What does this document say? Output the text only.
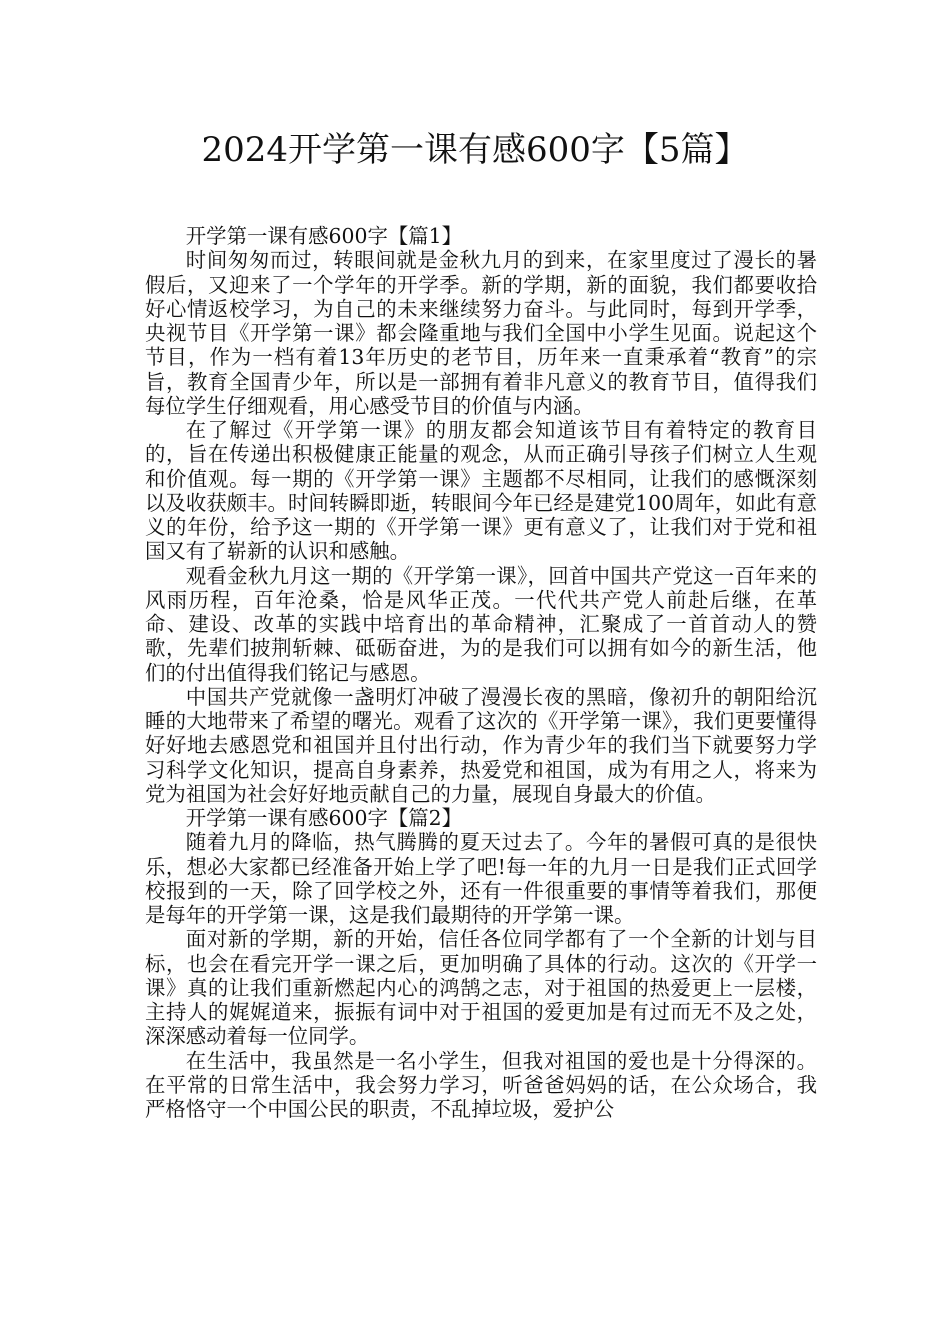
2024开学第一课有感600字【5篇】

开学第一课有感600字【篇1】

时间匆匆而过，转眼间就是金秋九月的到来，在家里度过了漫长的暑假后，又迎来了一个学年的开学季。新的学期，新的面貌，我们都要收拾好心情返校学习，为自己的未来继续努力奋斗。与此同时，每到开学季，央视节目《开学第一课》都会隆重地与我们全国中小学生见面。说起这个节目，作为一档有着13年历史的老节目，历年来一直秉承着“教育”的宗旨，教育全国青少年，所以是一部拥有着非凡意义的教育节目，值得我们每位学生仔细观看，用心感受节目的价值与内涵。

在了解过《开学第一课》的朋友都会知道该节目有着特定的教育目的，旨在传递出积极健康正能量的观念，从而正确引导孩子们树立人生观和价值观。每一期的《开学第一课》主题都不尽相同，让我们的感慨深刻以及收获颇丰。时间转瞬即逝，转眼间今年已经是建党100周年，如此有意义的年份，给予这一期的《开学第一课》更有意义了，让我们对于党和祖国又有了崭新的认识和感触。

观看金秋九月这一期的《开学第一课》，回首中国共产党这一百年来的风雨历程，百年沧桑，恰是风华正茂。一代代共产党人前赴后继，在革命、建设、改革的实践中培育出的革命精神，汇聚成了一首首动人的赞歌，先辈们披荆斩棘、砥砺奋进，为的是我们可以拥有如今的新生活，他们的付出值得我们铭记与感恩。

中国共产党就像一盏明灯冲破了漫漫长夜的黑暗，像初升的朝阳给沉睡的大地带来了希望的曙光。观看了这次的《开学第一课》，我们更要懂得好好地去感恩党和祖国并且付出行动，作为青少年的我们当下就要努力学习科学文化知识，提高自身素养，热爱党和祖国，成为有用之人，将来为党为祖国为社会好好地贡献自己的力量，展现自身最大的价值。

开学第一课有感600字【篇2】

随着九月的降临，热气腾腾的夏天过去了。今年的暑假可真的是很快乐，想必大家都已经准备开始上学了吧!每一年的九月一日是我们正式回学校报到的一天，除了回学校之外，还有一件很重要的事情等着我们，那便是每年的开学第一课，这是我们最期待的开学第一课。

面对新的学期，新的开始，信任各位同学都有了一个全新的计划与目标，也会在看完开学一课之后，更加明确了具体的行动。这次的《开学一课》真的让我们重新燃起内心的鸿鹄之志，对于祖国的热爱更上一层楼，主持人的娓娓道来，振振有词中对于祖国的爱更加是有过而无不及之处，深深感动着每一位同学。

在生活中，我虽然是一名小学生，但我对祖国的爱也是十分得深的。在平常的日常生活中，我会努力学习，听爸爸妈妈的话，在公众场合，我严格恪守一个中国公民的职责，不乱掉垃圾，爱护公
